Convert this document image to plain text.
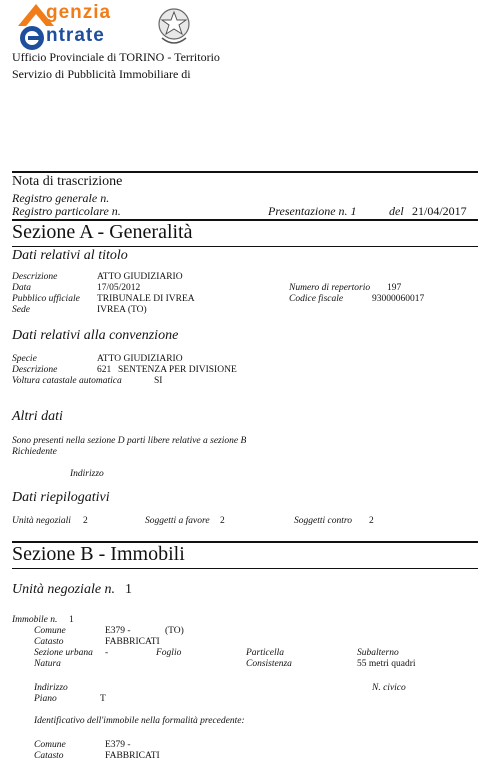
genzia
ntrate
Ufficio Provinciale di TORINO - Territorio
Servizio di Pubblicità Immobiliare di
Nota di trascrizione
Registro generale n.
Registro particolare n.	Presentazione n. 1	del 21/04/2017
Sezione A - Generalità
Dati relativi al titolo
Descrizione	ATTO GIUDIZIARIO
Data	17/05/2012
Pubblico ufficiale TRIBUNALE DI IVREA
Sede	IVREA (TO)
Numero di repertorio 197
Codice fiscale	93000060017
Dati relativi alla convenzione
Specie	ATTO GIUDIZIARIO
Descrizione	621 SENTENZA PER DIVISIONE
Voltura catastale automatica	SI
Altri dati
Sono presenti nella sezione D parti libere relative a sezione B
Richiedente
Indirizzo
Dati riepilogativi
Unità negoziali 2	Soggetti a favore 2	Soggetti contro 2
Sezione B - Immobili
Unità negoziale n. 1
Immobile n. 1
Comune	E379 -	(TO)
Catasto	FABBRICATI
Sezione urbana -	Foglio	Particella	Subalterno
Natura	Consistenza	55 metri quadri
Indirizzo	N. civico
Piano	T
Identificativo dell'immobile nella formalità precedente:
Comune	E379 -
Catasto	FABBRICATI
